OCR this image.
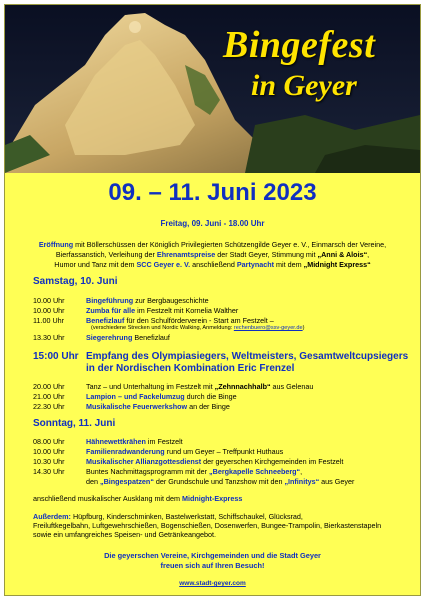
Bingefest
in Geyer
09. – 11. Juni 2023
Freitag, 09. Juni - 18.00 Uhr
Eröffnung mit Böllerschüssen der Königlich Privilegierten Schützengilde Geyer e. V., Einmarsch der Vereine,
Bierfassanstich, Verleihung der Ehrenamtspreise der Stadt Geyer, Stimmung mit „Anni & Alois“,
Humor und Tanz mit dem SCC Geyer e. V. anschließend Partynacht mit dem „Midnight Express“
Samstag, 10. Juni
10.00 Uhr	Bingeführung zur Bergbaugeschichte
10.00 Uhr	Zumba für alle im Festzelt mit Kornelia Walther
11.00 Uhr	Benefizlauf für den Schulförderverein - Start am Festzelt –
(verschiedene Strecken und Nordic Walking, Anmeldung: rechenbuero@ssv-geyer.de)
13.30 Uhr	Siegerehrung Benefizlauf
15:00 Uhr Empfang des Olympiasiegers, Weltmeisters, Gesamtweltcupsiegers
in der Nordischen Kombination Eric Frenzel
20.00 Uhr	Tanz – und Unterhaltung im Festzelt mit „Zehnnachhalb“ aus Gelenau
21.00 Uhr	Lampion – und Fackelumzug durch die Binge
22.30 Uhr	Musikalische Feuerwerkshow an der Binge
Sonntag, 11. Juni
08.00 Uhr	Hähnewettkrähen im Festzelt
10.00 Uhr	Familienradwanderung rund um Geyer – Treffpunkt Huthaus
10.30 Uhr	Musikalischer Allianzgottesdienst der geyerschen Kirchgemeinden im Festzelt
14.30 Uhr	Buntes Nachmittagsprogramm mit der „Bergkapelle Schneeberg“,
den „Bingespatzen“ der Grundschule und Tanzshow mit den „Infinitys“ aus Geyer
anschließend musikalischer Ausklang mit dem Midnight-Express
Außerdem: Hüpfburg, Kinderschminken, Bastelwerkstatt, Schiffschaukel, Glücksrad,
Freiluftkegelbahn, Luftgewehrschießen, Bogenschießen, Dosenwerfen, Bungee-Trampolin, Bierkastenstapeln
sowie ein umfangreiches Speisen- und Getränkeangebot.
Die geyerschen Vereine, Kirchgemeinden und die Stadt Geyer
freuen sich auf Ihren Besuch!
www.stadt-geyer.com
